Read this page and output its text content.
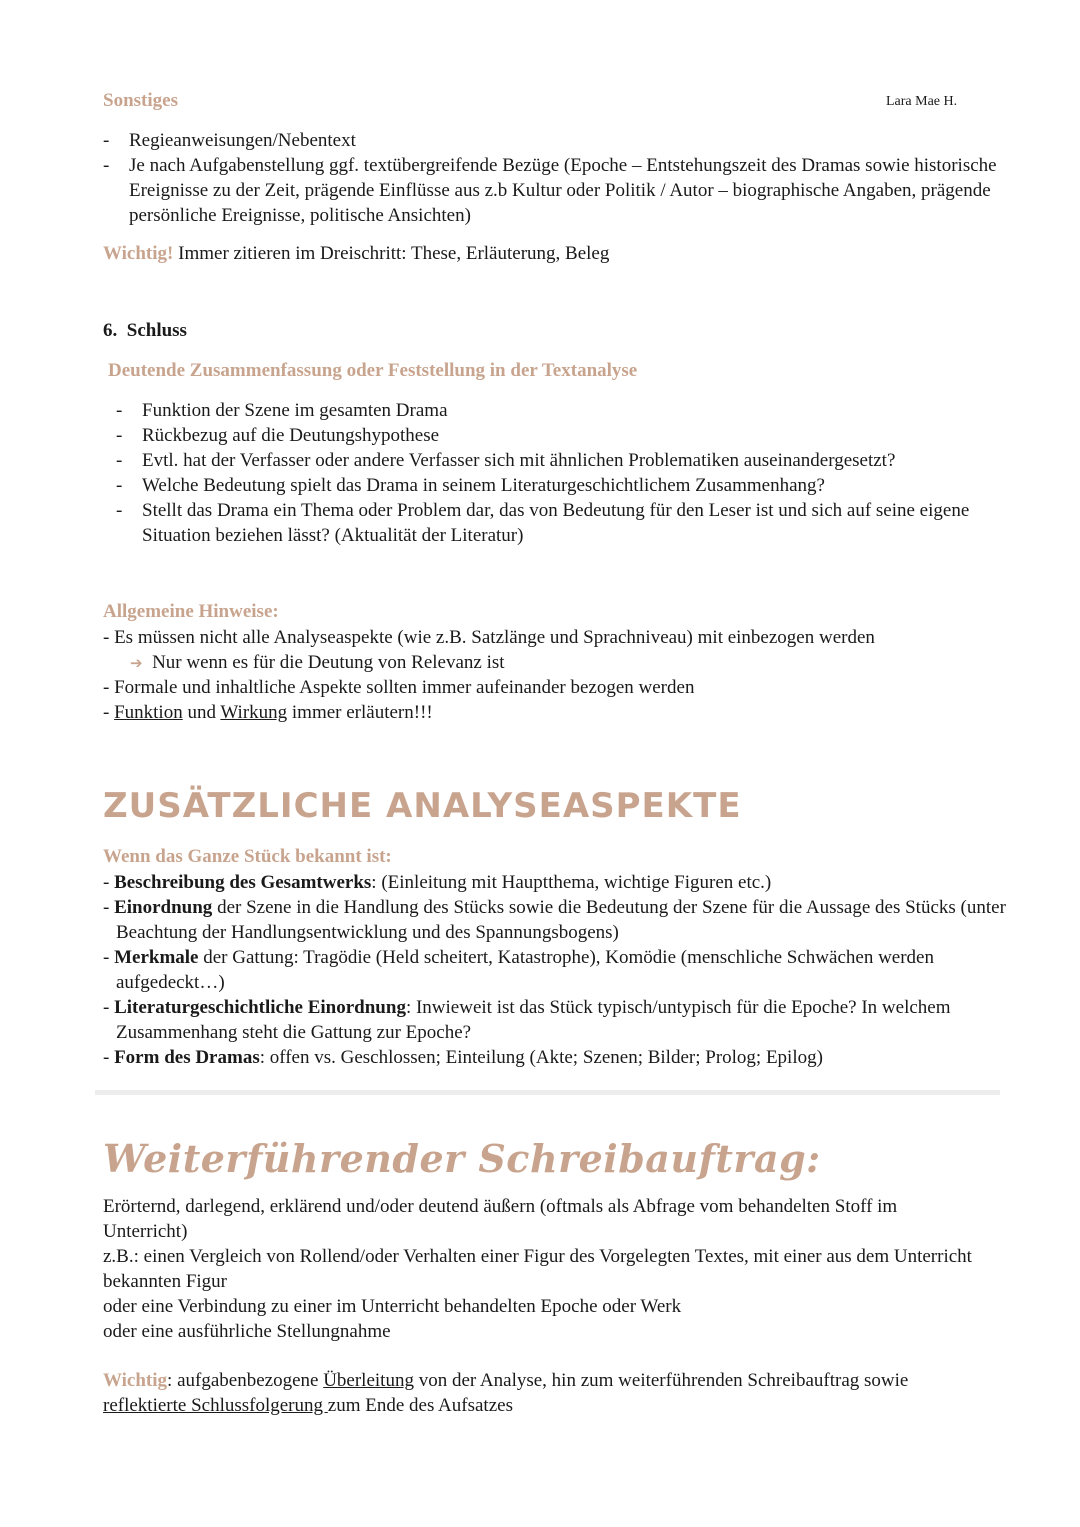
Sonstiges	Lara Mae H.
- Regieanweisungen/Nebentext
- Je nach Aufgabenstellung ggf. textübergreifende Bezüge (Epoche – Entstehungszeit des Dramas sowie historische Ereignisse zu der Zeit, prägende Einflüsse aus z.b Kultur oder Politik / Autor – biographische Angaben, prägende persönliche Ereignisse, politische Ansichten)
Wichtig! Immer zitieren im Dreischritt: These, Erläuterung, Beleg
6. Schluss
Deutende Zusammenfassung oder Feststellung in der Textanalyse
- Funktion der Szene im gesamten Drama
- Rückbezug auf die Deutungshypothese
- Evtl. hat der Verfasser oder andere Verfasser sich mit ähnlichen Problematiken auseinandergesetzt?
- Welche Bedeutung spielt das Drama in seinem Literaturgeschichtlichem Zusammenhang?
- Stellt das Drama ein Thema oder Problem dar, das von Bedeutung für den Leser ist und sich auf seine eigene Situation beziehen lässt? (Aktualität der Literatur)
Allgemeine Hinweise:
- Es müssen nicht alle Analyseaspekte (wie z.B. Satzlänge und Sprachniveau) mit einbezogen werden
➔ Nur wenn es für die Deutung von Relevanz ist
- Formale und inhaltliche Aspekte sollten immer aufeinander bezogen werden
- Funktion und Wirkung immer erläutern!!!
ZUSÄTZLICHE ANALYSEASPEKTE
Wenn das Ganze Stück bekannt ist:
- Beschreibung des Gesamtwerks: (Einleitung mit Hauptthema, wichtige Figuren etc.)
- Einordnung der Szene in die Handlung des Stücks sowie die Bedeutung der Szene für die Aussage des Stücks (unter Beachtung der Handlungsentwicklung und des Spannungsbogens)
- Merkmale der Gattung: Tragödie (Held scheitert, Katastrophe), Komödie (menschliche Schwächen werden aufgedeckt…)
- Literaturgeschichtliche Einordnung: Inwieweit ist das Stück typisch/untypisch für die Epoche? In welchem Zusammenhang steht die Gattung zur Epoche?
- Form des Dramas: offen vs. Geschlossen; Einteilung (Akte; Szenen; Bilder; Prolog; Epilog)
Weiterführender Schreibauftrag:
Erörternd, darlegend, erklärend und/oder deutend äußern (oftmals als Abfrage vom behandelten Stoff im Unterricht)
z.B.: einen Vergleich von Rollend/oder Verhalten einer Figur des Vorgelegten Textes, mit einer aus dem Unterricht bekannten Figur
oder eine Verbindung zu einer im Unterricht behandelten Epoche oder Werk
oder eine ausführliche Stellungnahme
Wichtig: aufgabenbezogene Überleitung von der Analyse, hin zum weiterführenden Schreibauftrag sowie reflektierte Schlussfolgerung zum Ende des Aufsatzes
